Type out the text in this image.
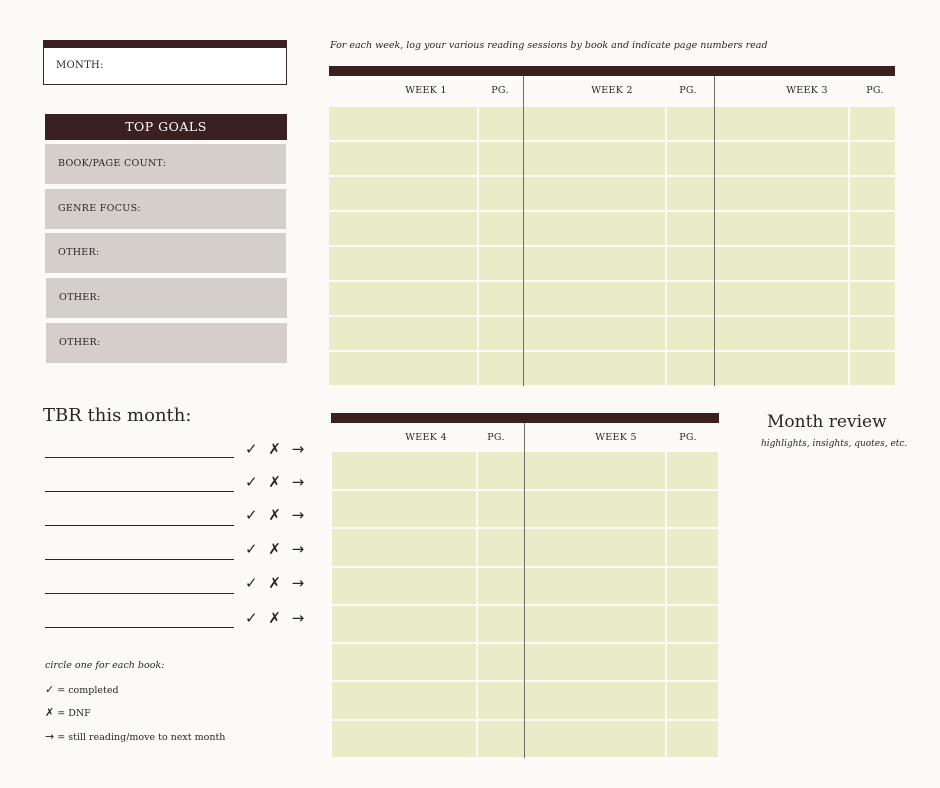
MONTH:
TOP GOALS
BOOK/PAGE COUNT:
GENRE FOCUS:
OTHER:
OTHER:
OTHER:
For each week, log your various reading sessions by book and indicate page numbers read
WEEK 1	PG.	WEEK 2	PG.	WEEK 3	PG.
WEEK 4	PG.	WEEK 5	PG.
TBR this month:
✓ ✗ →
✓ ✗ →
✓ ✗ →
✓ ✗ →
✓ ✗ →
✓ ✗ →
circle one for each book:
✓ = completed
✗ = DNF
→ = still reading/move to next month
Month review
highlights, insights, quotes, etc.
